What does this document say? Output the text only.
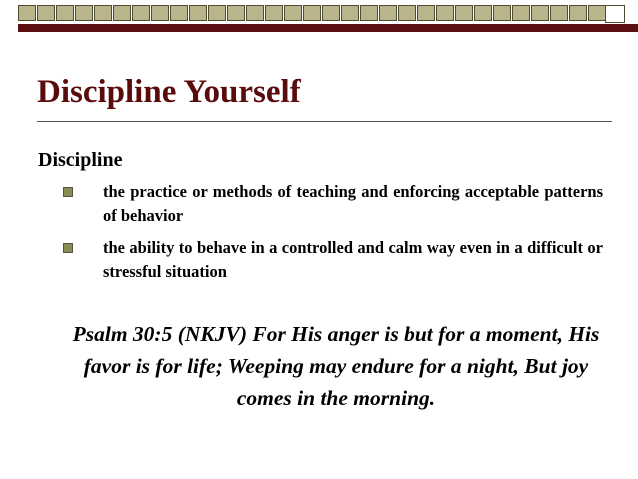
Discipline Yourself
Discipline
the practice or methods of teaching and enforcing acceptable patterns of behavior
the ability to behave in a controlled and calm way even in a difficult or stressful situation

Psalm 30:5 (NKJV) For His anger is but for a moment, His favor is for life; Weeping may endure for a night, But joy comes in the morning.
